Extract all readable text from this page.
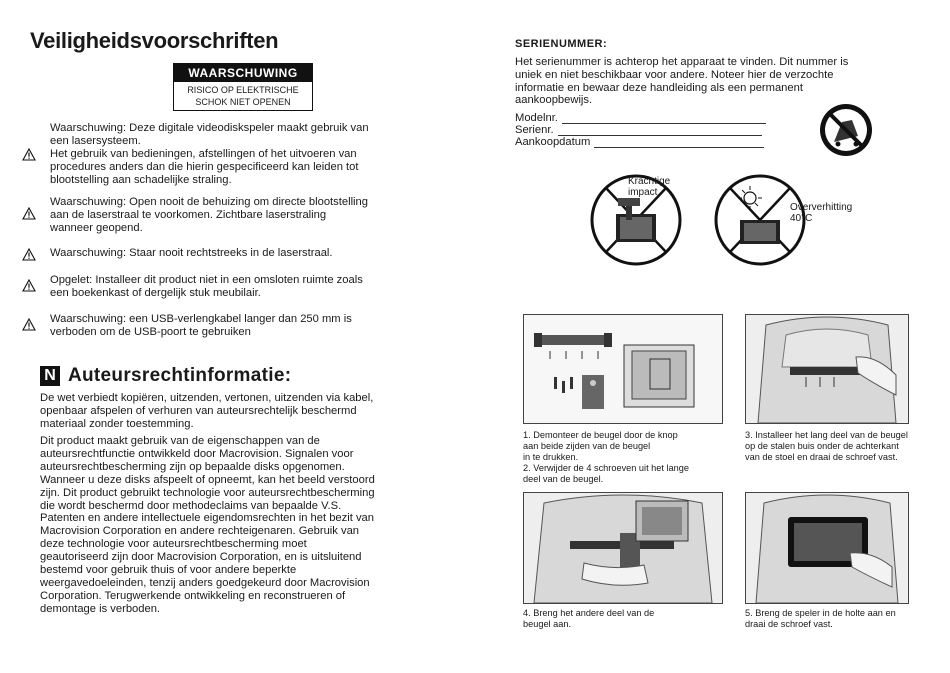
Veiligheidsvoorschriften
WAARSCHUWING
RISICO OP ELEKTRISCHE
SCHOK NIET OPENEN
Waarschuwing: Deze digitale videodiskspeler maakt gebruik van
een lasersysteem.
Het gebruik van bedieningen, afstellingen of het uitvoeren van
procedures anders dan die hierin gespecificeerd kan leiden tot
blootstelling aan schadelijke straling.
Waarschuwing: Open nooit de behuizing om directe blootstelling
aan de laserstraal te voorkomen. Zichtbare laserstraling
wanneer geopend.
Waarschuwing: Staar nooit rechtstreeks in de laserstraal.
Opgelet: Installeer dit product niet in een omsloten ruimte zoals
een boekenkast of dergelijk stuk meubilair.
Waarschuwing: een USB-verlengkabel langer dan 250 mm is
verboden om de USB-poort te gebruiken
N Auteursrechtinformatie:
De wet verbiedt kopiëren, uitzenden, vertonen, uitzenden via kabel,
openbaar afspelen of verhuren van auteursrechtelijk beschermd
materiaal zonder toestemming.
Dit product maakt gebruik van de eigenschappen van de
auteursrechtfunctie ontwikkeld door Macrovision. Signalen voor
auteursrechtbescherming zijn op bepaalde disks opgenomen.
Wanneer u deze disks afspeelt of opneemt, kan het beeld verstoord
zijn. Dit product gebruikt technologie voor auteursrechtbescherming
die wordt beschermd door methodeclaims van bepaalde V.S.
Patenten en andere intellectuele eigendomsrechten in het bezit van
Macrovision Corporation en andere rechteigenaren. Gebruik van
deze technologie voor auteursrechtbescherming moet
geautoriseerd zijn door Macrovision Corporation, en is uitsluitend
bestemd voor gebruik thuis of voor andere beperkte
weergavedoeleinden, tenzij anders goedgekeurd door Macrovision
Corporation. Terugwerkende ontwikkeling en reconstrueren of
demontage is verboden.
SERIENUMMER:
Het serienummer is achterop het apparaat te vinden. Dit nummer is
uniek en niet beschikbaar voor andere. Noteer hier de verzochte
informatie en bewaar deze handleiding als een permanent
aankoopbewijs.
Modelnr.
Serienr.
Aankoopdatum
Krachtige
impact
Oververhitting
40°C
1. Demonteer de beugel door de knop
aan beide zijden van de beugel
in te drukken.
2. Verwijder de 4 schroeven uit het lange
deel van de beugel.
3. Installeer het lang deel van de beugel
op de stalen buis onder de achterkant
van de stoel en draai de schroef vast.
4. Breng het andere deel van de
beugel aan.
5. Breng de speler in de holte aan en
draai de schroef vast.
